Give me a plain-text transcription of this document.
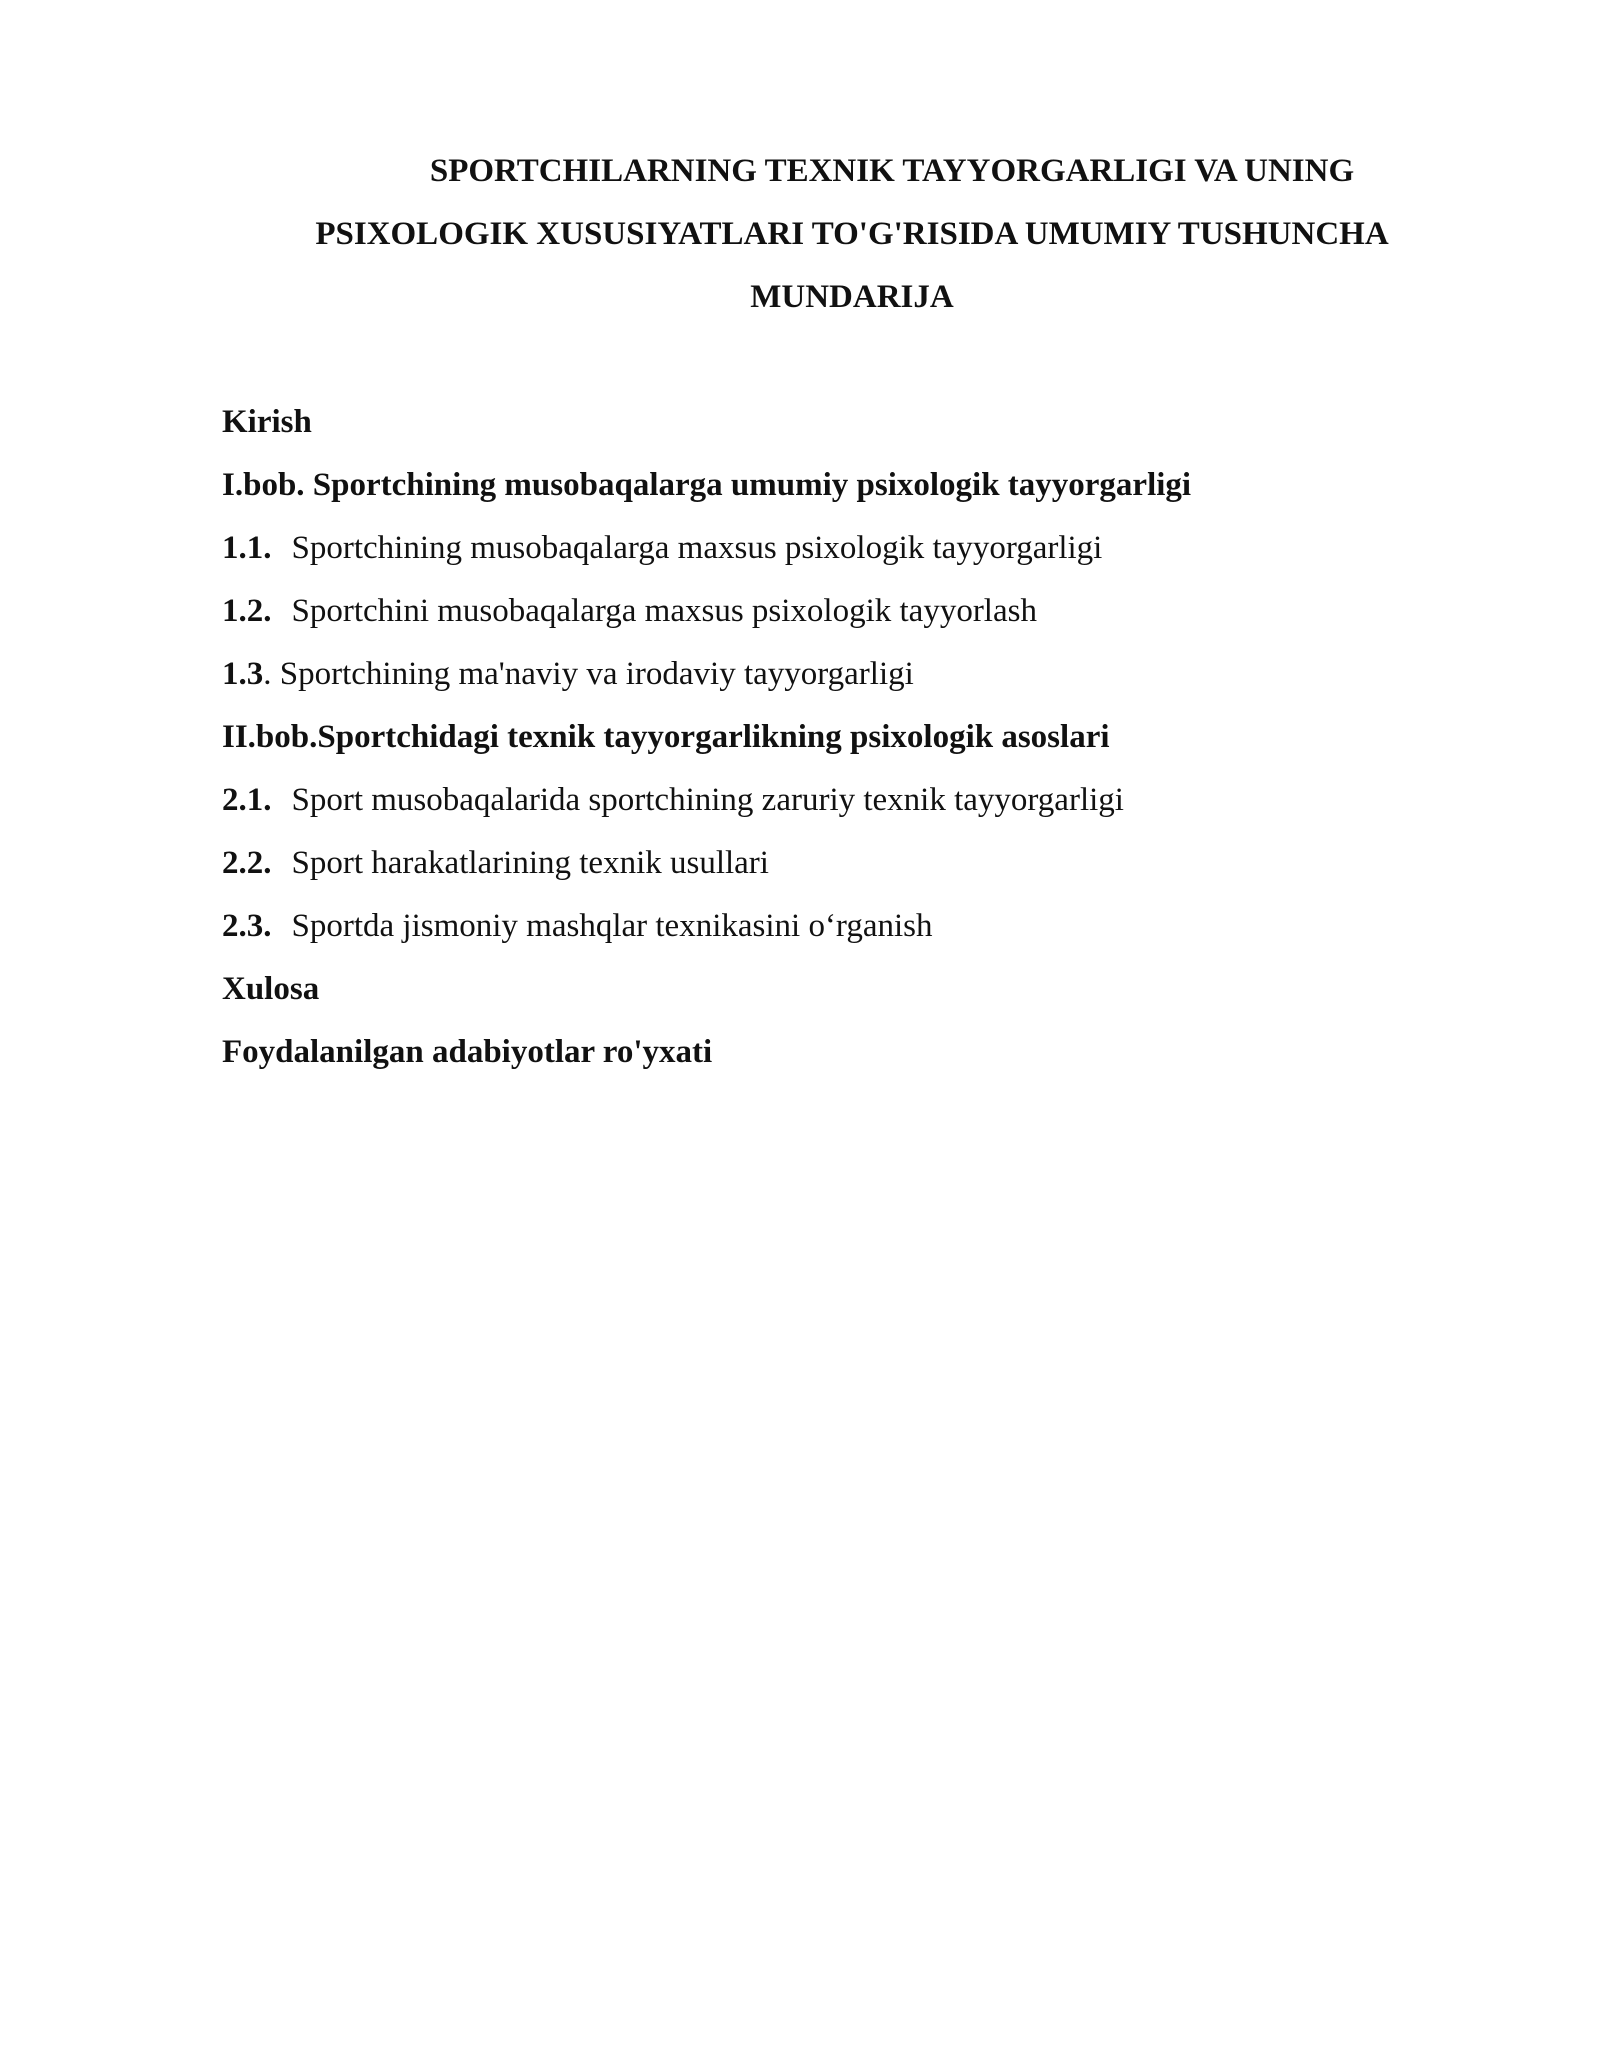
SPORTCHILARNING TEXNIK TAYYORGARLIGI VA UNING
PSIXOLOGIK XUSUSIYATLARI TO'G'RISIDA UMUMIY TUSHUNCHA
MUNDARIJA
Kirish
I.bob. Sportchining musobaqalarga umumiy psixologik tayyorgarligi
1.1. Sportchining musobaqalarga maxsus psixologik tayyorgarligi
1.2. Sportchini musobaqalarga maxsus psixologik tayyorlash
1.3. Sportchining ma'naviy va irodaviy tayyorgarligi
II.bob.Sportchidagi texnik tayyorgarlikning psixologik asoslari
2.1. Sport musobaqalarida sportchining zaruriy texnik tayyorgarligi
2.2. Sport harakatlarining texnik usullari
2.3. Sportda jismoniy mashqlar texnikasini o‘rganish
Xulosa
Foydalanilgan adabiyotlar ro'yxati
